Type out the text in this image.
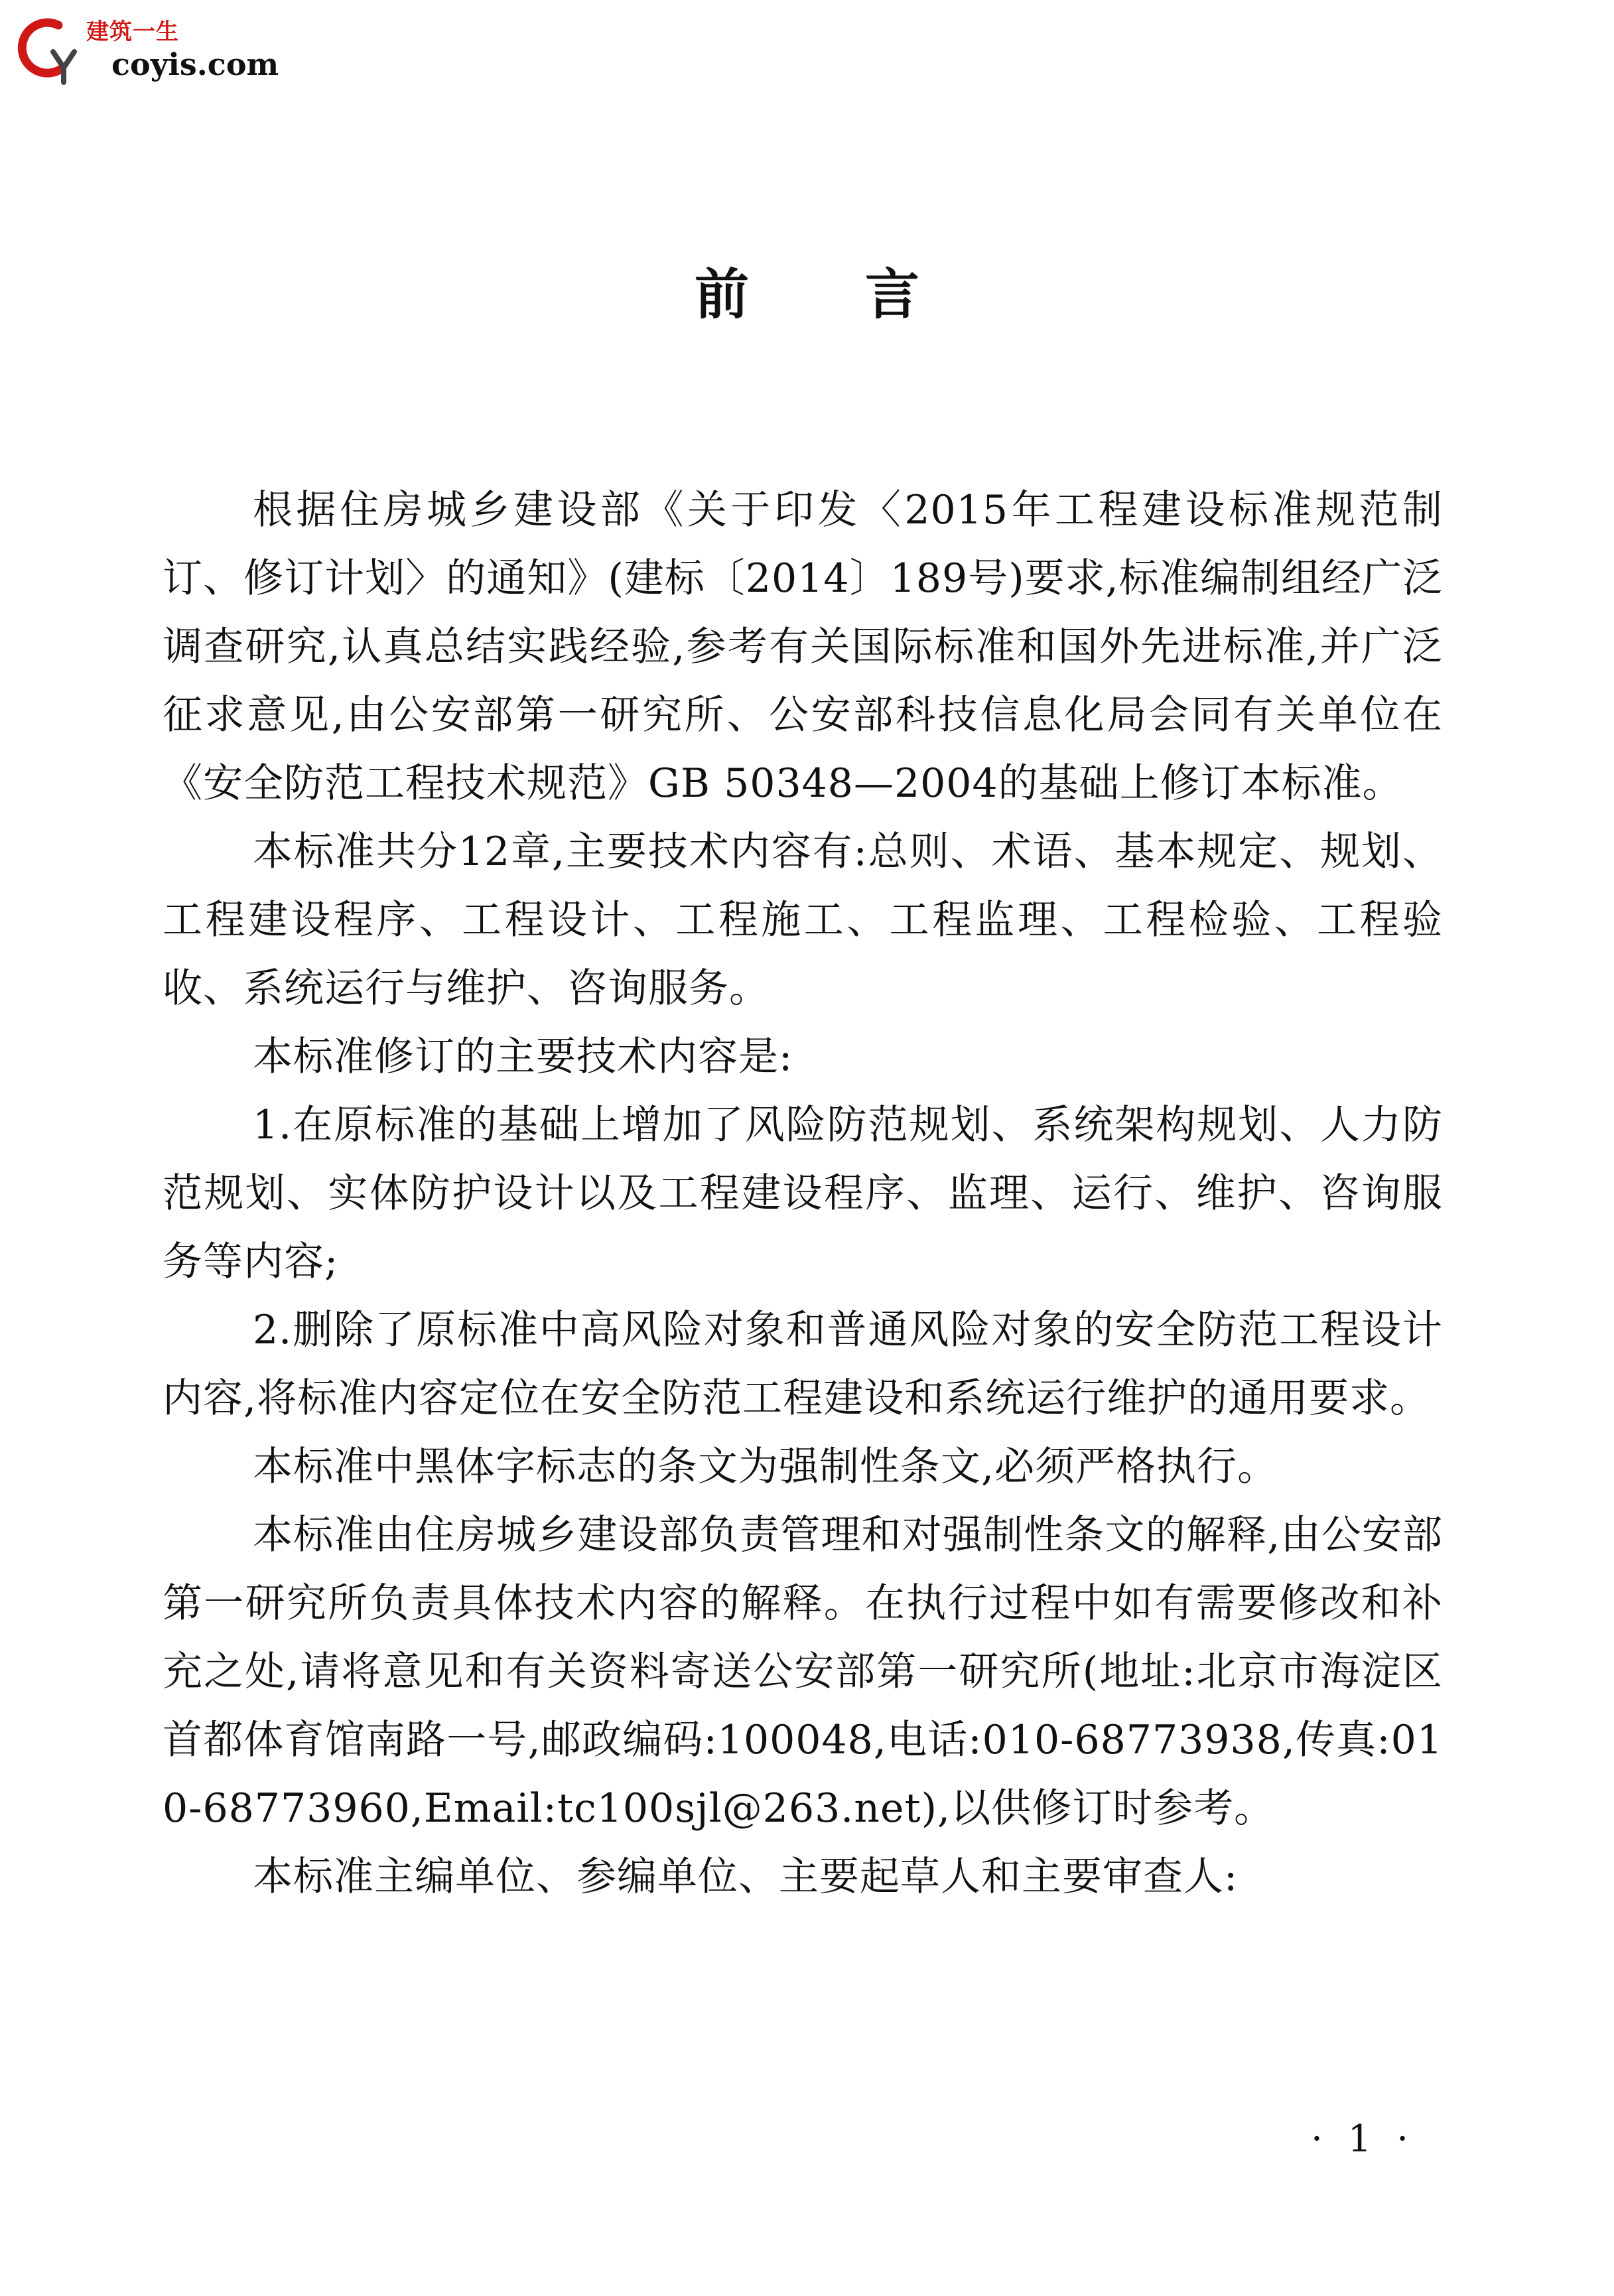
建筑一生
coyis.com
前言

根据住房城乡建设部《关于印发〈2015年工程建设标准规范制订、修订计划〉的通知》(建标〔2014〕189号)要求,标准编制组经广泛调查研究,认真总结实践经验,参考有关国际标准和国外先进标准,并广泛征求意见,由公安部第一研究所、公安部科技信息化局会同有关单位在《安全防范工程技术规范》GB 50348—2004的基础上修订本标准。

本标准共分12章,主要技术内容有:总则、术语、基本规定、规划、工程建设程序、工程设计、工程施工、工程监理、工程检验、工程验收、系统运行与维护、咨询服务。

本标准修订的主要技术内容是:

1.在原标准的基础上增加了风险防范规划、系统架构规划、人力防范规划、实体防护设计以及工程建设程序、监理、运行、维护、咨询服务等内容;

2.删除了原标准中高风险对象和普通风险对象的安全防范工程设计内容,将标准内容定位在安全防范工程建设和系统运行维护的通用要求。

本标准中黑体字标志的条文为强制性条文,必须严格执行。

本标准由住房城乡建设部负责管理和对强制性条文的解释,由公安部第一研究所负责具体技术内容的解释。在执行过程中如有需要修改和补充之处,请将意见和有关资料寄送公安部第一研究所(地址:北京市海淀区首都体育馆南路一号,邮政编码:100048,电话:010-68773938,传真:010-68773960,Email:tc100sjl@263.net),以供修订时参考。

本标准主编单位、参编单位、主要起草人和主要审查人:

· 1 ·
